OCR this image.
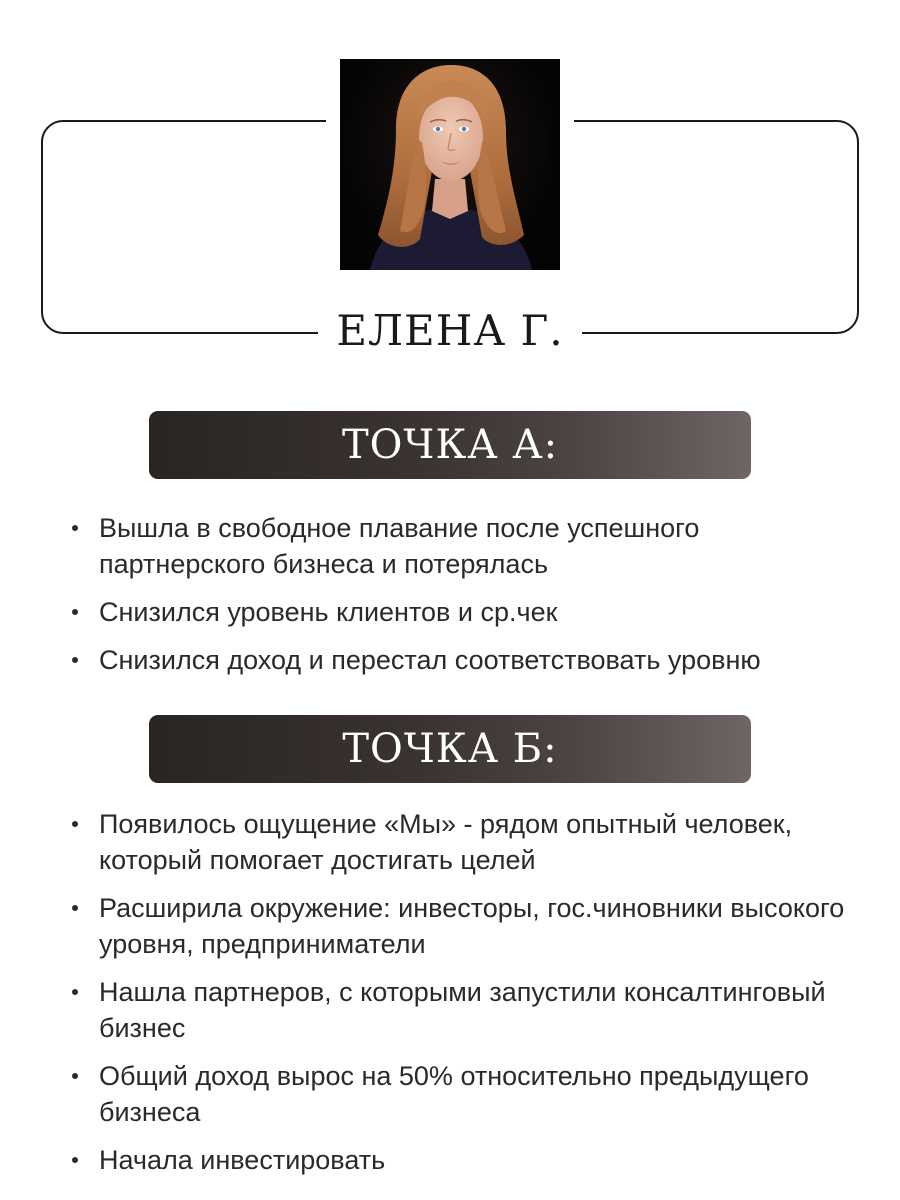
ЕЛЕНА Г.
ТОЧКА А:
Вышла в свободное плавание после успешного партнерского бизнеса и потерялась
Снизился уровень клиентов и ср.чек
Снизился доход и перестал соответствовать уровню
ТОЧКА Б:
Появилось ощущение «Мы» - рядом опытный человек, который помогает достигать целей
Расширила окружение: инвесторы, гос.чиновники высокого уровня, предприниматели
Нашла партнеров, с которыми запустили консалтинговый бизнес
Общий доход вырос на 50% относительно предыдущего бизнеса
Начала инвестировать
